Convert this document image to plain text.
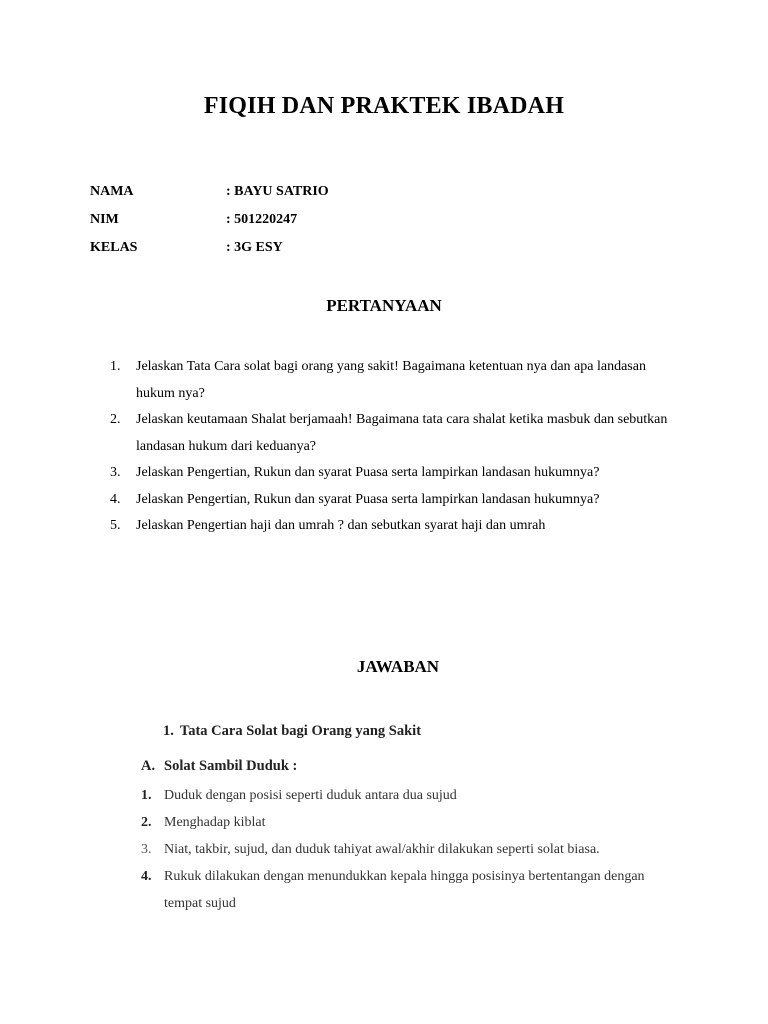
FIQIH DAN PRAKTEK IBADAH
NAMA	: BAYU SATRIO
NIM	: 501220247
KELAS	: 3G ESY
PERTANYAAN
1.	Jelaskan Tata Cara solat bagi orang yang sakit! Bagaimana ketentuan nya dan apa landasan hukum nya?
2.	Jelaskan keutamaan Shalat berjamaah! Bagaimana tata cara shalat ketika masbuk dan sebutkan landasan hukum dari keduanya?
3.	Jelaskan Pengertian, Rukun dan syarat Puasa serta lampirkan landasan hukumnya?
4.	Jelaskan Pengertian, Rukun dan syarat Puasa serta lampirkan landasan hukumnya?
5.	Jelaskan Pengertian haji dan umrah ? dan sebutkan syarat haji dan umrah
JAWABAN
1. Tata Cara Solat bagi Orang yang Sakit
A. Solat Sambil Duduk :
1. Duduk dengan posisi seperti duduk antara dua sujud
2. Menghadap kiblat
3. Niat, takbir, sujud, dan duduk tahiyat awal/akhir dilakukan seperti solat biasa.
4. Rukuk dilakukan dengan menundukkan kepala hingga posisinya bertentangan dengan tempat sujud
